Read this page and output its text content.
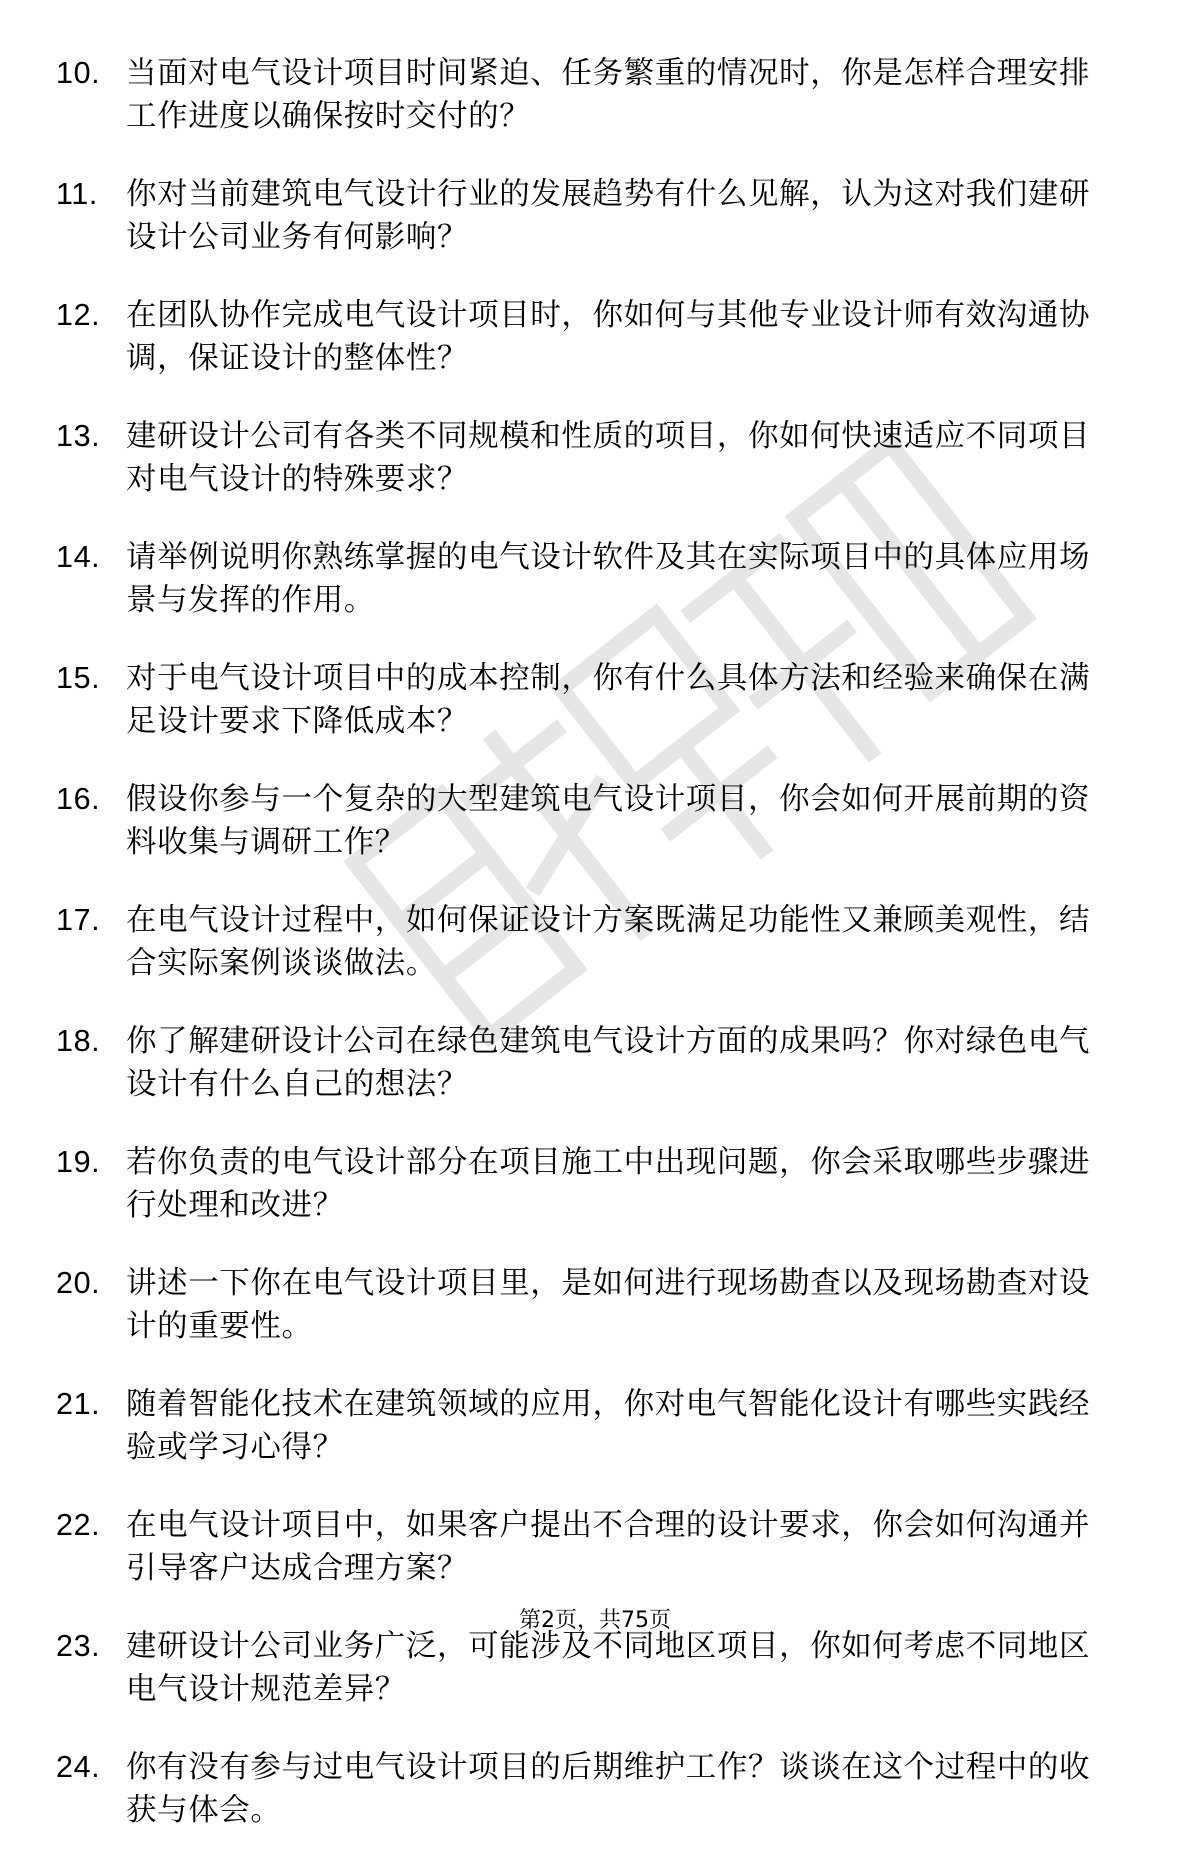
10. 当面对电气设计项目时间紧迫、任务繁重的情况时，你是怎样合理安排工作进度以确保按时交付的？
11. 你对当前建筑电气设计行业的发展趋势有什么见解，认为这对我们建研设计公司业务有何影响？
12. 在团队协作完成电气设计项目时，你如何与其他专业设计师有效沟通协调，保证设计的整体性？
13. 建研设计公司有各类不同规模和性质的项目，你如何快速适应不同项目对电气设计的特殊要求？
14. 请举例说明你熟练掌握的电气设计软件及其在实际项目中的具体应用场景与发挥的作用。
15. 对于电气设计项目中的成本控制，你有什么具体方法和经验来确保在满足设计要求下降低成本？
16. 假设你参与一个复杂的大型建筑电气设计项目，你会如何开展前期的资料收集与调研工作？
17. 在电气设计过程中，如何保证设计方案既满足功能性又兼顾美观性，结合实际案例谈谈做法。
18. 你了解建研设计公司在绿色建筑电气设计方面的成果吗？你对绿色电气设计有什么自己的想法？
19. 若你负责的电气设计部分在项目施工中出现问题，你会采取哪些步骤进行处理和改进？
20. 讲述一下你在电气设计项目里，是如何进行现场勘查以及现场勘查对设计的重要性。
21. 随着智能化技术在建筑领域的应用，你对电气智能化设计有哪些实践经验或学习心得？
22. 在电气设计项目中，如果客户提出不合理的设计要求，你会如何沟通并引导客户达成合理方案？
23. 建研设计公司业务广泛，可能涉及不同地区项目，你如何考虑不同地区电气设计规范差异？
24. 你有没有参与过电气设计项目的后期维护工作？谈谈在这个过程中的收获与体会。
第2页，共75页
